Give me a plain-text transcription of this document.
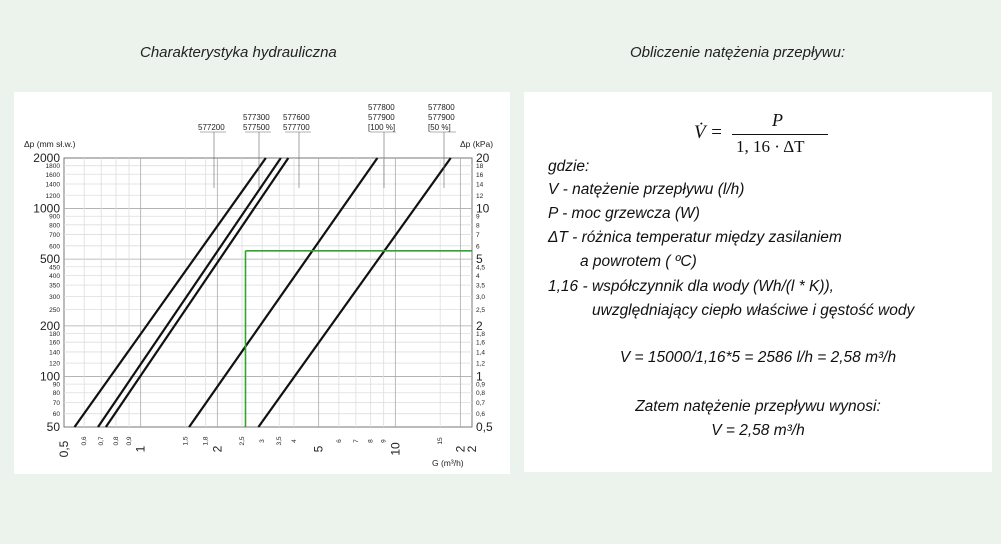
Charakterystyka hydrauliczna	Obliczenie natężenia przepływu:
2000	20
1800	18
1600	16
1400	14
1200	12
1000	10
900	9
800	8
700	7
600	6
500	5
450	4,5
400	4
350	3,5
300	3,0
250	2,5
200	2
180	1,8
160	1,6
140	1,4
120	1,2
100	1
90	0,9
80	0,8
70	0,7
60	0,6
50	0,5
0,5 0,6 0,7 0,8 0,9
1
1,5 1,8
2
2,5 3 3,5 4
5
6 7 8 9
10
15
2
2
577200
577300
577500
577600
577700
577800
577900
[100 %]
577800
577900
[50 %]
Δp (mm sł.w.)	Δp (kPa)
G (m³/h)
V̇ =
P
1, 16 · ΔT
gdzie:
V - natężenie przepływu (l/h)
P - moc grzewcza (W)
ΔT - różnica temperatur między zasilaniem
a powrotem ( ºC)
1,16 - współczynnik dla wody (Wh/(l * K)),
uwzględniający ciepło właściwe i gęstość wody
V = 15000/1,16*5 = 2586 l/h = 2,58 m³/h
Zatem natężenie przepływu wynosi:
V = 2,58 m³/h
